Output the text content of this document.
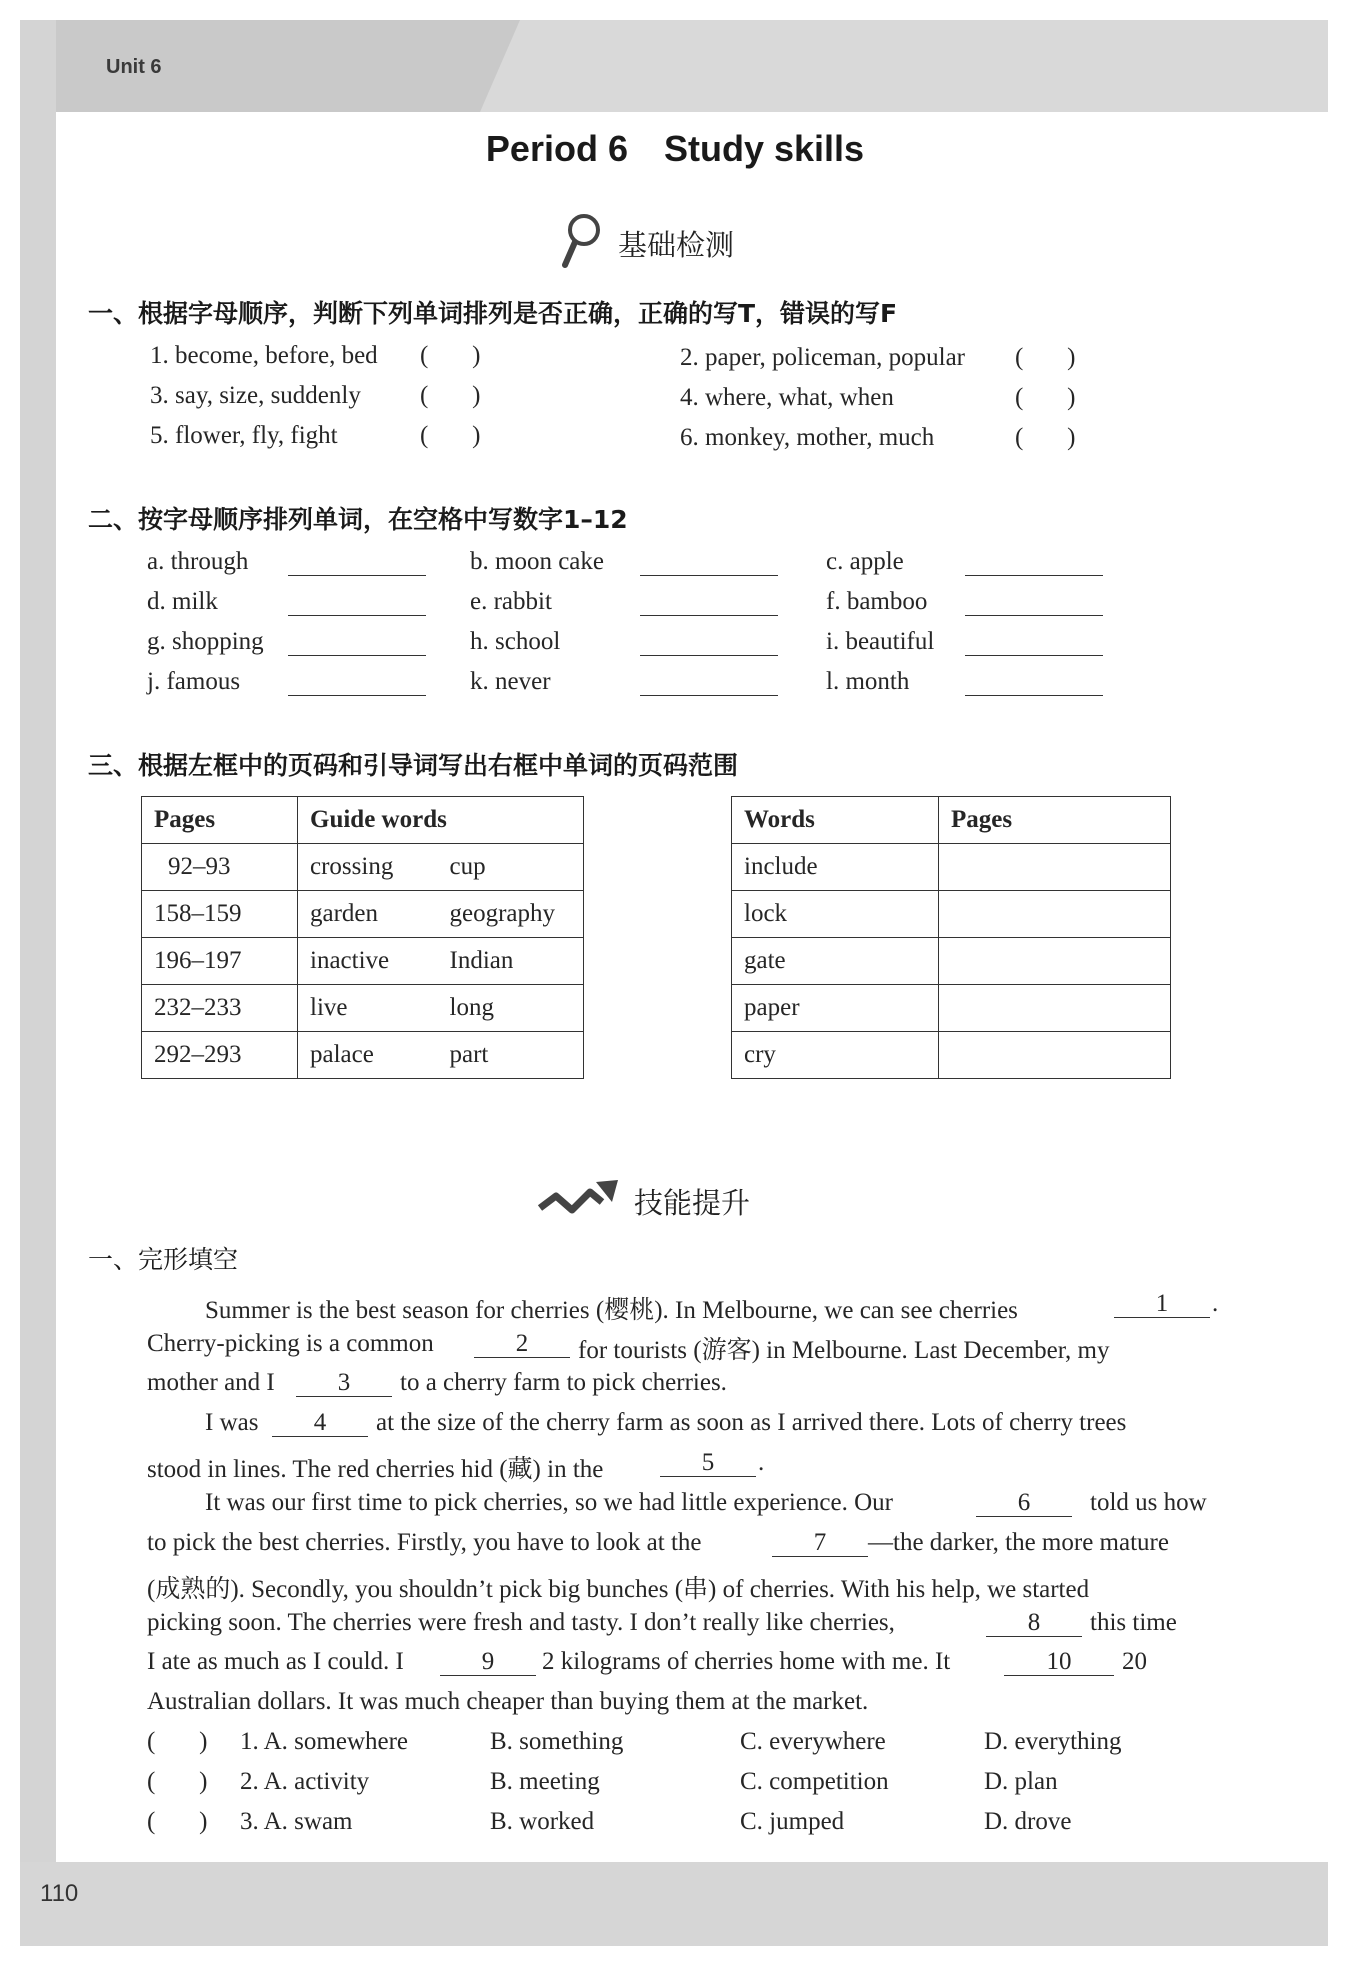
Unit 6
110
Period 6 Study skills
基础检测
一、根据字母顺序，判断下列单词排列是否正确，正确的写T，错误的写F
1. become, before, bed (       )	2. paper, policeman, popular (       )
3. say, size, suddenly (       )	4. where, what, when	(       )
5. flower, fly, fight	(       )	6. monkey, mother, much	(       )
二、按字母顺序排列单词，在空格中写数字1–12
a. through	b. moon cake	c. apple
d. milk	e. rabbit	f. bamboo
g. shopping	h. school	i. beautiful
j. famous	k. never	l. month
三、根据左框中的页码和引导词写出右框中单词的页码范围
Pages	Guide words	
92–93	crossing	cup
158–159	garden	geography
196–197	inactive	Indian
232–233	live	long
292–293	palace	part
Words	Pages
include	
lock	
gate	
paper	
cry	
技能提升
一、完形填空
Summer is the best season for cherries (樱桃). In Melbourne, we can see cherries	1	.
Cherry-picking is a common	2	for tourists (游客) in Melbourne. Last December, my
mother and I	3	to a cherry farm to pick cherries.
I was	4	at the size of the cherry farm as soon as I arrived there. Lots of cherry trees
stood in lines. The red cherries hid (藏) in the	5	.
It was our first time to pick cherries, so we had little experience. Our	6	told us how
to pick the best cherries. Firstly, you have to look at the	7	—the darker, the more mature
(成熟的). Secondly, you shouldn’t pick big bunches (串) of cherries. With his help, we started
picking soon. The cherries were fresh and tasty. I don’t really like cherries,	8	this time
I ate as much as I could. I	9	2 kilograms of cherries home with me. It	10	20
Australian dollars. It was much cheaper than buying them at the market.
(       ) 1. A. somewhere	B. something	C. everywhere	D. everything
(       ) 2. A. activity	B. meeting	C. competition	D. plan
(       ) 3. A. swam	B. worked	C. jumped	D. drove
